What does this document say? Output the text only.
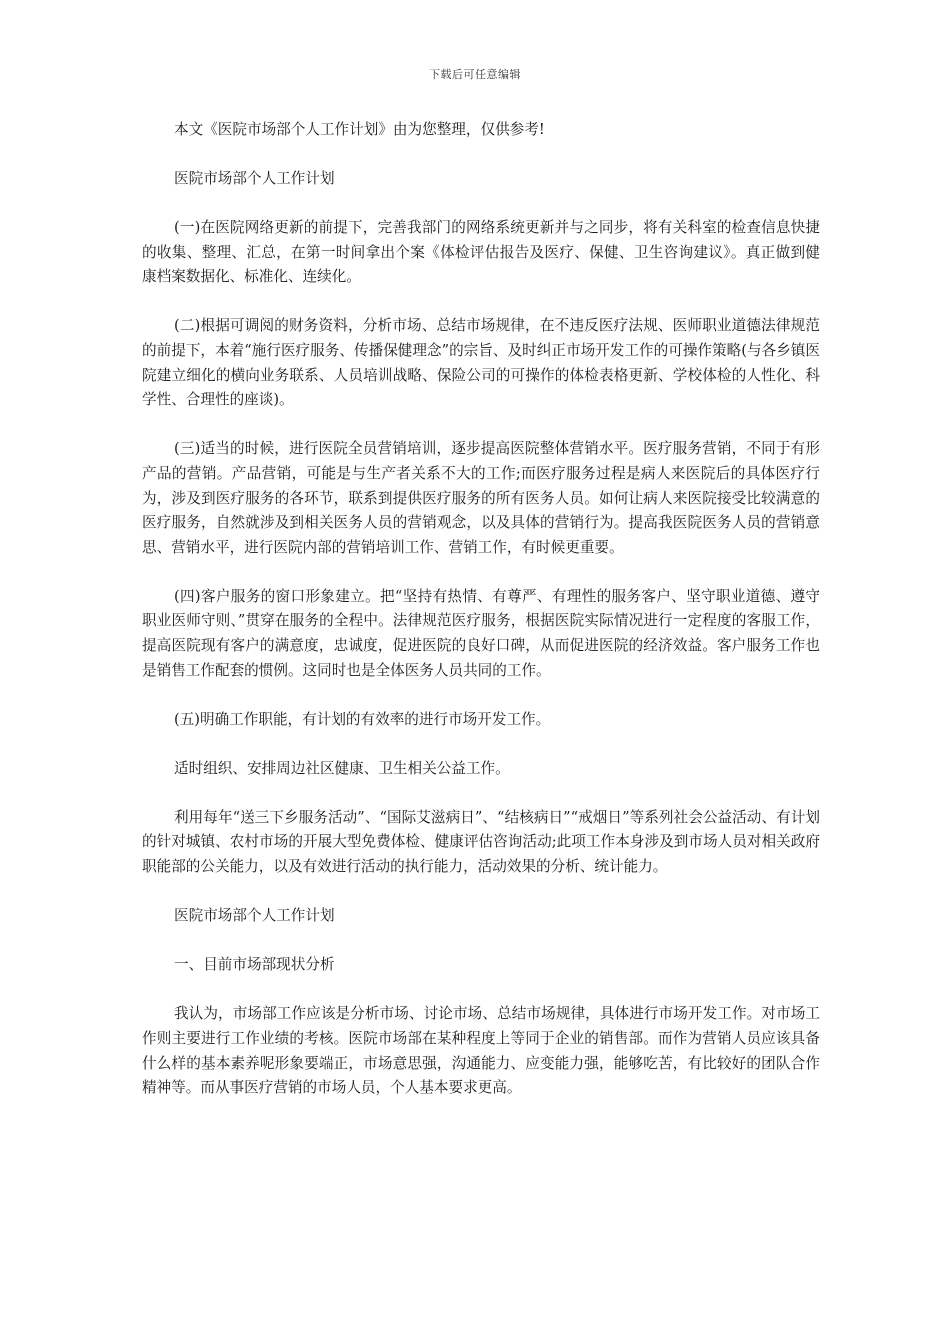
下载后可任意编辑

本文《医院市场部个人工作计划》由为您整理，仅供参考!

医院市场部个人工作计划

(一)在医院网络更新的前提下，完善我部门的网络系统更新并与之同步，将有关科室的检查信息快捷的收集、整理、汇总，在第一时间拿出个案《体检评估报告及医疗、保健、卫生咨询建议》。真正做到健康档案数据化、标准化、连续化。

(二)根据可调阅的财务资料，分析市场、总结市场规律，在不违反医疗法规、医师职业道德法律规范的前提下，本着“施行医疗服务、传播保健理念”的宗旨、及时纠正市场开发工作的可操作策略(与各乡镇医院建立细化的横向业务联系、人员培训战略、保险公司的可操作的体检表格更新、学校体检的人性化、科学性、合理性的座谈)。

(三)适当的时候，进行医院全员营销培训，逐步提高医院整体营销水平。医疗服务营销，不同于有形产品的营销。产品营销，可能是与生产者关系不大的工作;而医疗服务过程是病人来医院后的具体医疗行为，涉及到医疗服务的各环节，联系到提供医疗服务的所有医务人员。如何让病人来医院接受比较满意的医疗服务，自然就涉及到相关医务人员的营销观念，以及具体的营销行为。提高我医院医务人员的营销意思、营销水平，进行医院内部的营销培训工作、营销工作，有时候更重要。

(四)客户服务的窗口形象建立。把“坚持有热情、有尊严、有理性的服务客户、坚守职业道德、遵守职业医师守则、”贯穿在服务的全程中。法律规范医疗服务，根据医院实际情况进行一定程度的客服工作，提高医院现有客户的满意度，忠诚度，促进医院的良好口碑，从而促进医院的经济效益。客户服务工作也是销售工作配套的惯例。这同时也是全体医务人员共同的工作。

(五)明确工作职能，有计划的有效率的进行市场开发工作。

适时组织、安排周边社区健康、卫生相关公益工作。

利用每年“送三下乡服务活动”、“国际艾滋病日”、“结核病日”“戒烟日”等系列社会公益活动、有计划的针对城镇、农村市场的开展大型免费体检、健康评估咨询活动;此项工作本身涉及到市场人员对相关政府职能部的公关能力，以及有效进行活动的执行能力，活动效果的分析、统计能力。

医院市场部个人工作计划

一、目前市场部现状分析

我认为，市场部工作应该是分析市场、讨论市场、总结市场规律，具体进行市场开发工作。对市场工作则主要进行工作业绩的考核。医院市场部在某种程度上等同于企业的销售部。而作为营销人员应该具备什么样的基本素养呢形象要端正，市场意思强，沟通能力、应变能力强，能够吃苦，有比较好的团队合作精神等。而从事医疗营销的市场人员，个人基本要求更高。
